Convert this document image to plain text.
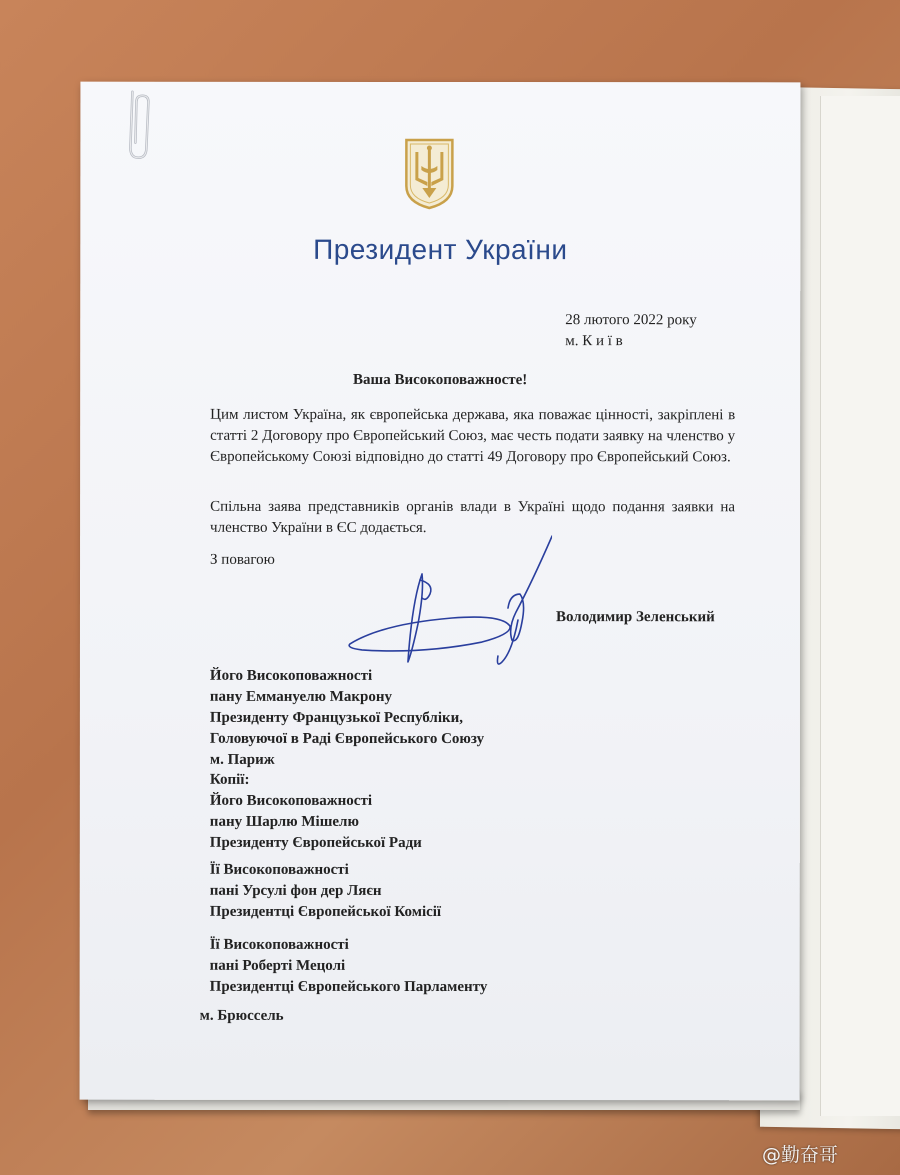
Президент України
28 лютого 2022 року
м. К и ї в
Ваша Високоповажносте!
Цим листом Україна, як європейська держава, яка поважає цінності, закріплені в статті 2 Договору про Європейський Союз, має честь подати заявку на членство у Європейському Союзі відповідно до статті 49 Договору про Європейський Союз.
Спільна заява представників органів влади в Україні щодо подання заявки на членство України в ЄС додається.
З повагою
Володимир Зеленський
Його Високоповажності
пану Еммануелю Макрону
Президенту Французької Республіки,
Головуючої в Раді Європейського Союзу
м. Париж
Копії:
Його Високоповажності
пану Шарлю Мішелю
Президенту Європейської Ради
Її Високоповажності
пані Урсулі фон дер Ляєн
Президентці Європейської Комісії
Її Високоповажності
пані Роберті Мецолі
Президентці Європейського Парламенту
м. Брюссель
@勤奋哥
